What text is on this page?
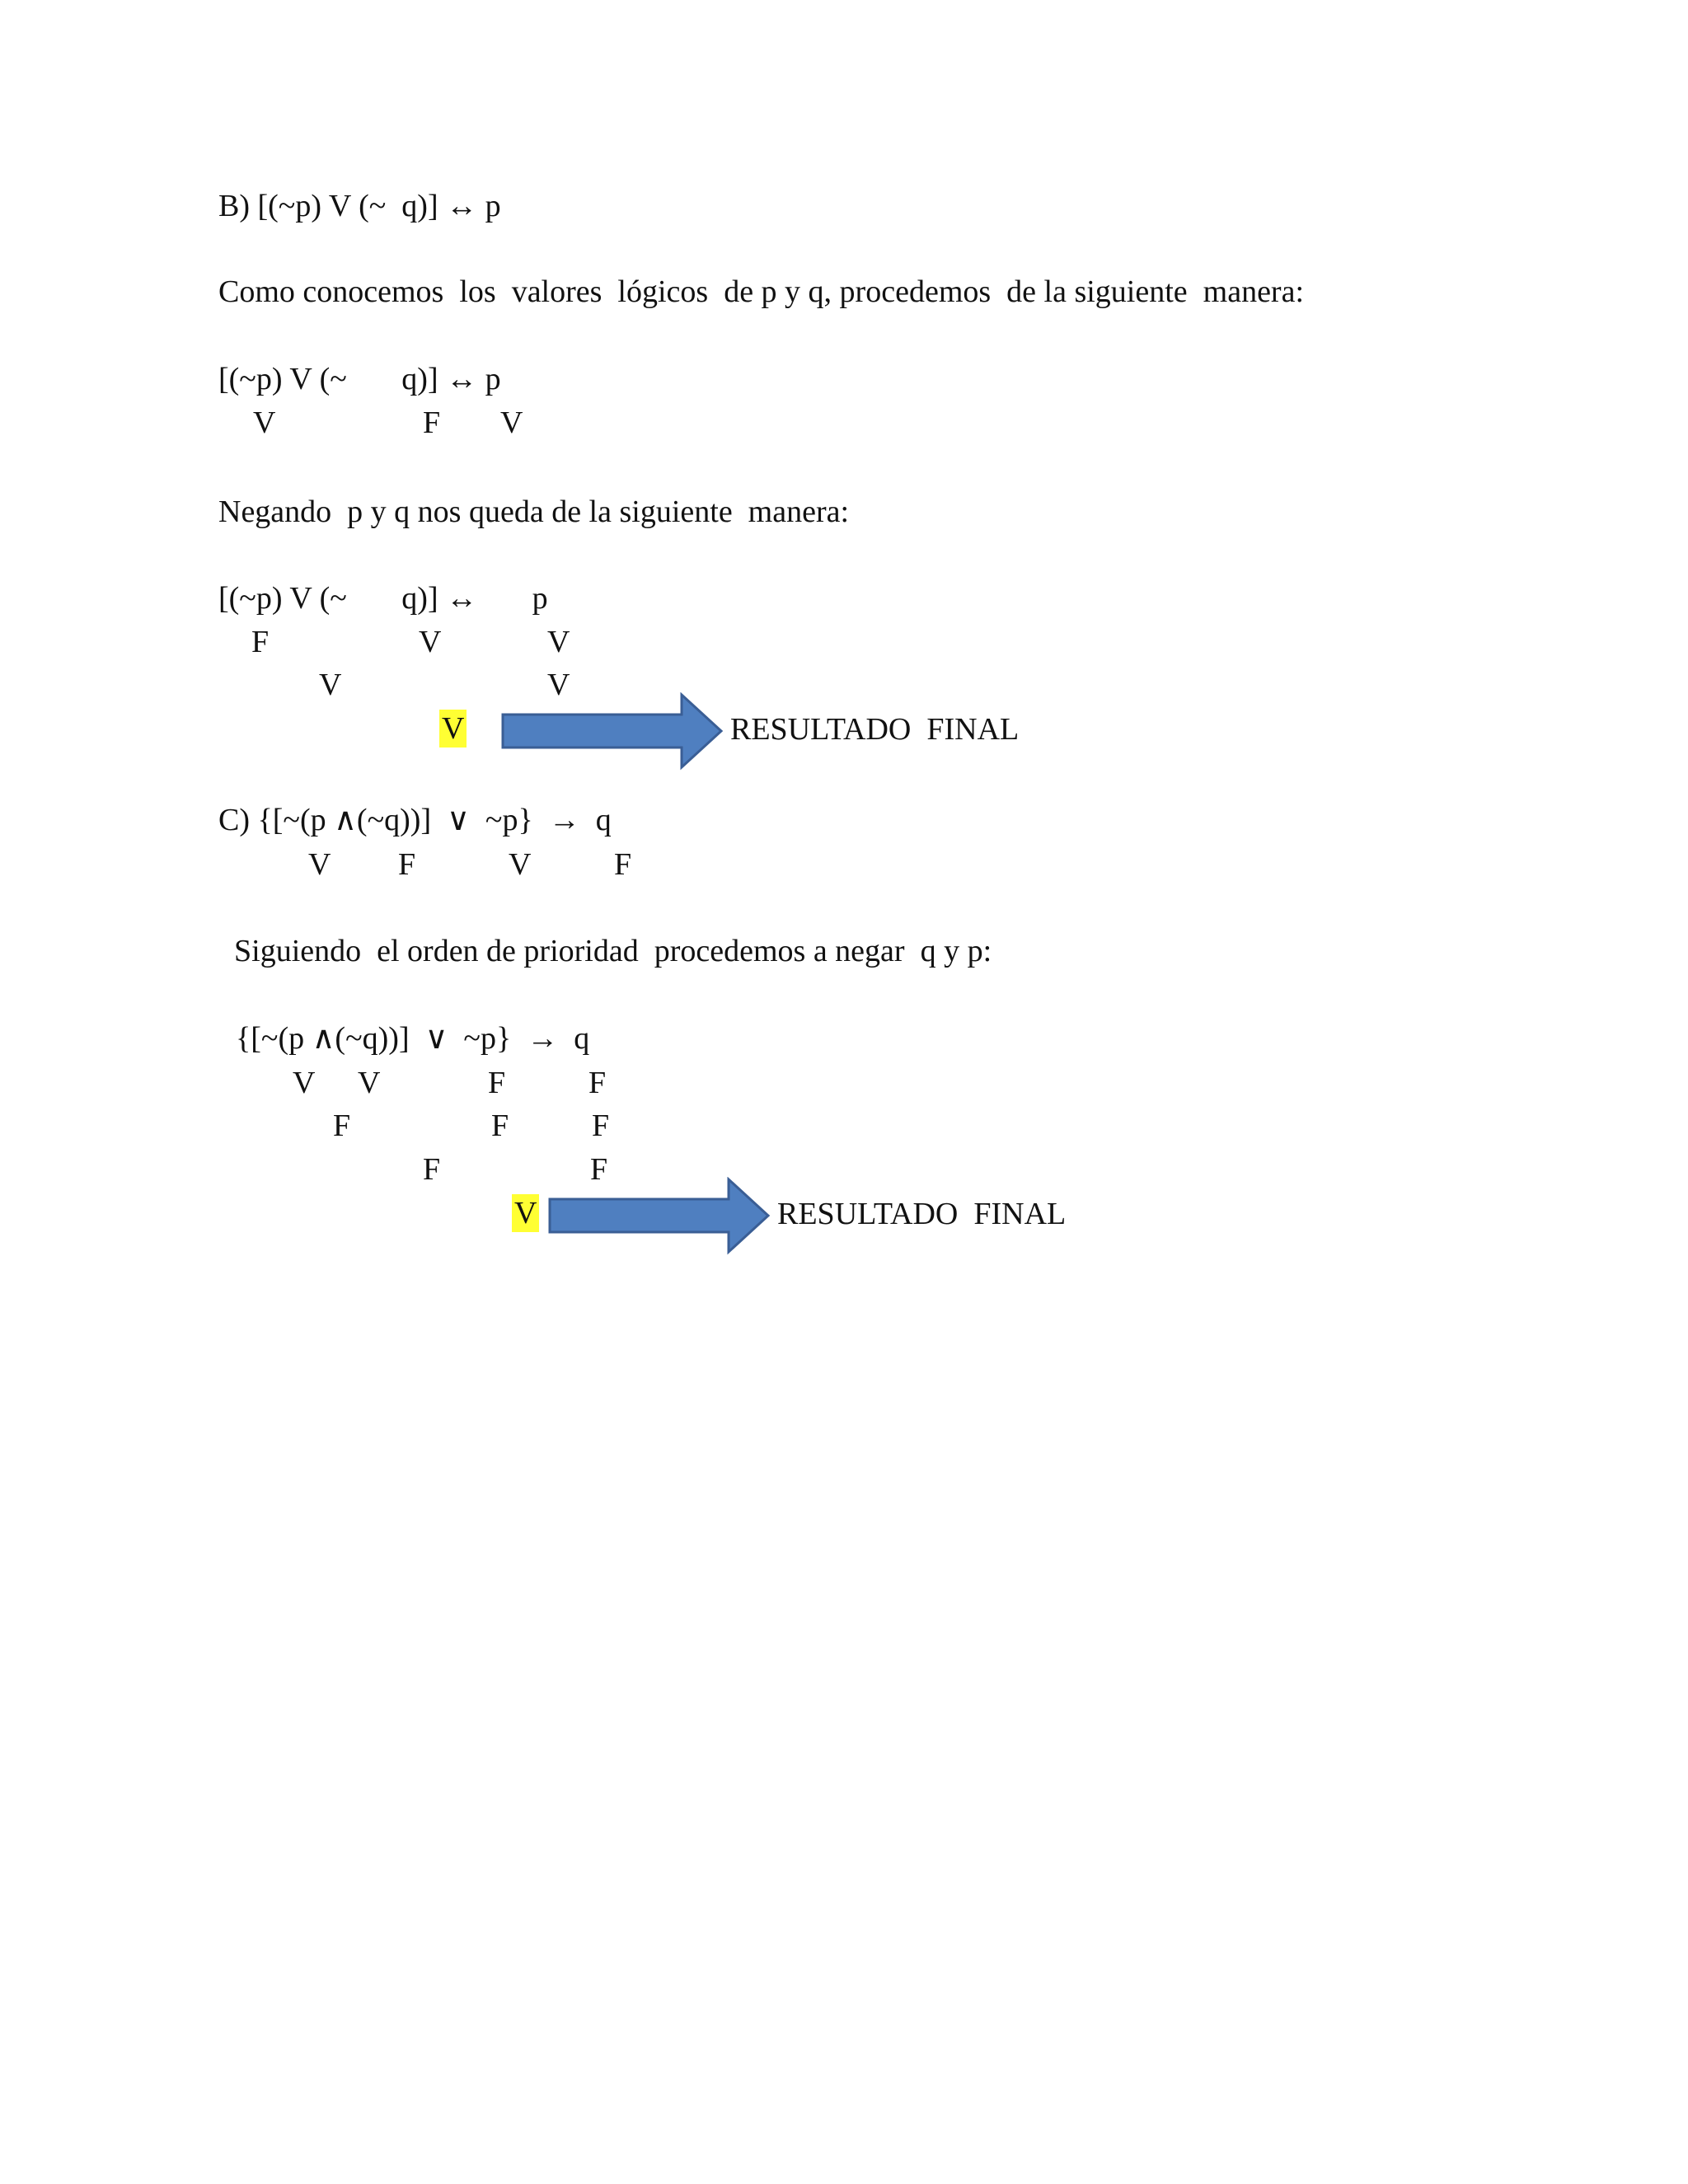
B) [(~p) V (~  q)] ↔ p
Como conocemos  los  valores  lógicos  de p y q, procedemos  de la siguiente  manera:
[(~p) V (~       q)] ↔ p
V	F V
Negando  p y q nos queda de la siguiente  manera:
[(~p) V (~       q)] ↔       p
F	V	V
V	V
V	RESULTADO  FINAL
C) {[~(p ∧(~q))]  ∨  ~p}  →  q
V F	V	F
Siguiendo  el orden de prioridad  procedemos a negar  q y p:
{[~(p ∧(~q))]  ∨  ~p}  →  q
V V	F	F
F	F	F
F	F
V	RESULTADO  FINAL
